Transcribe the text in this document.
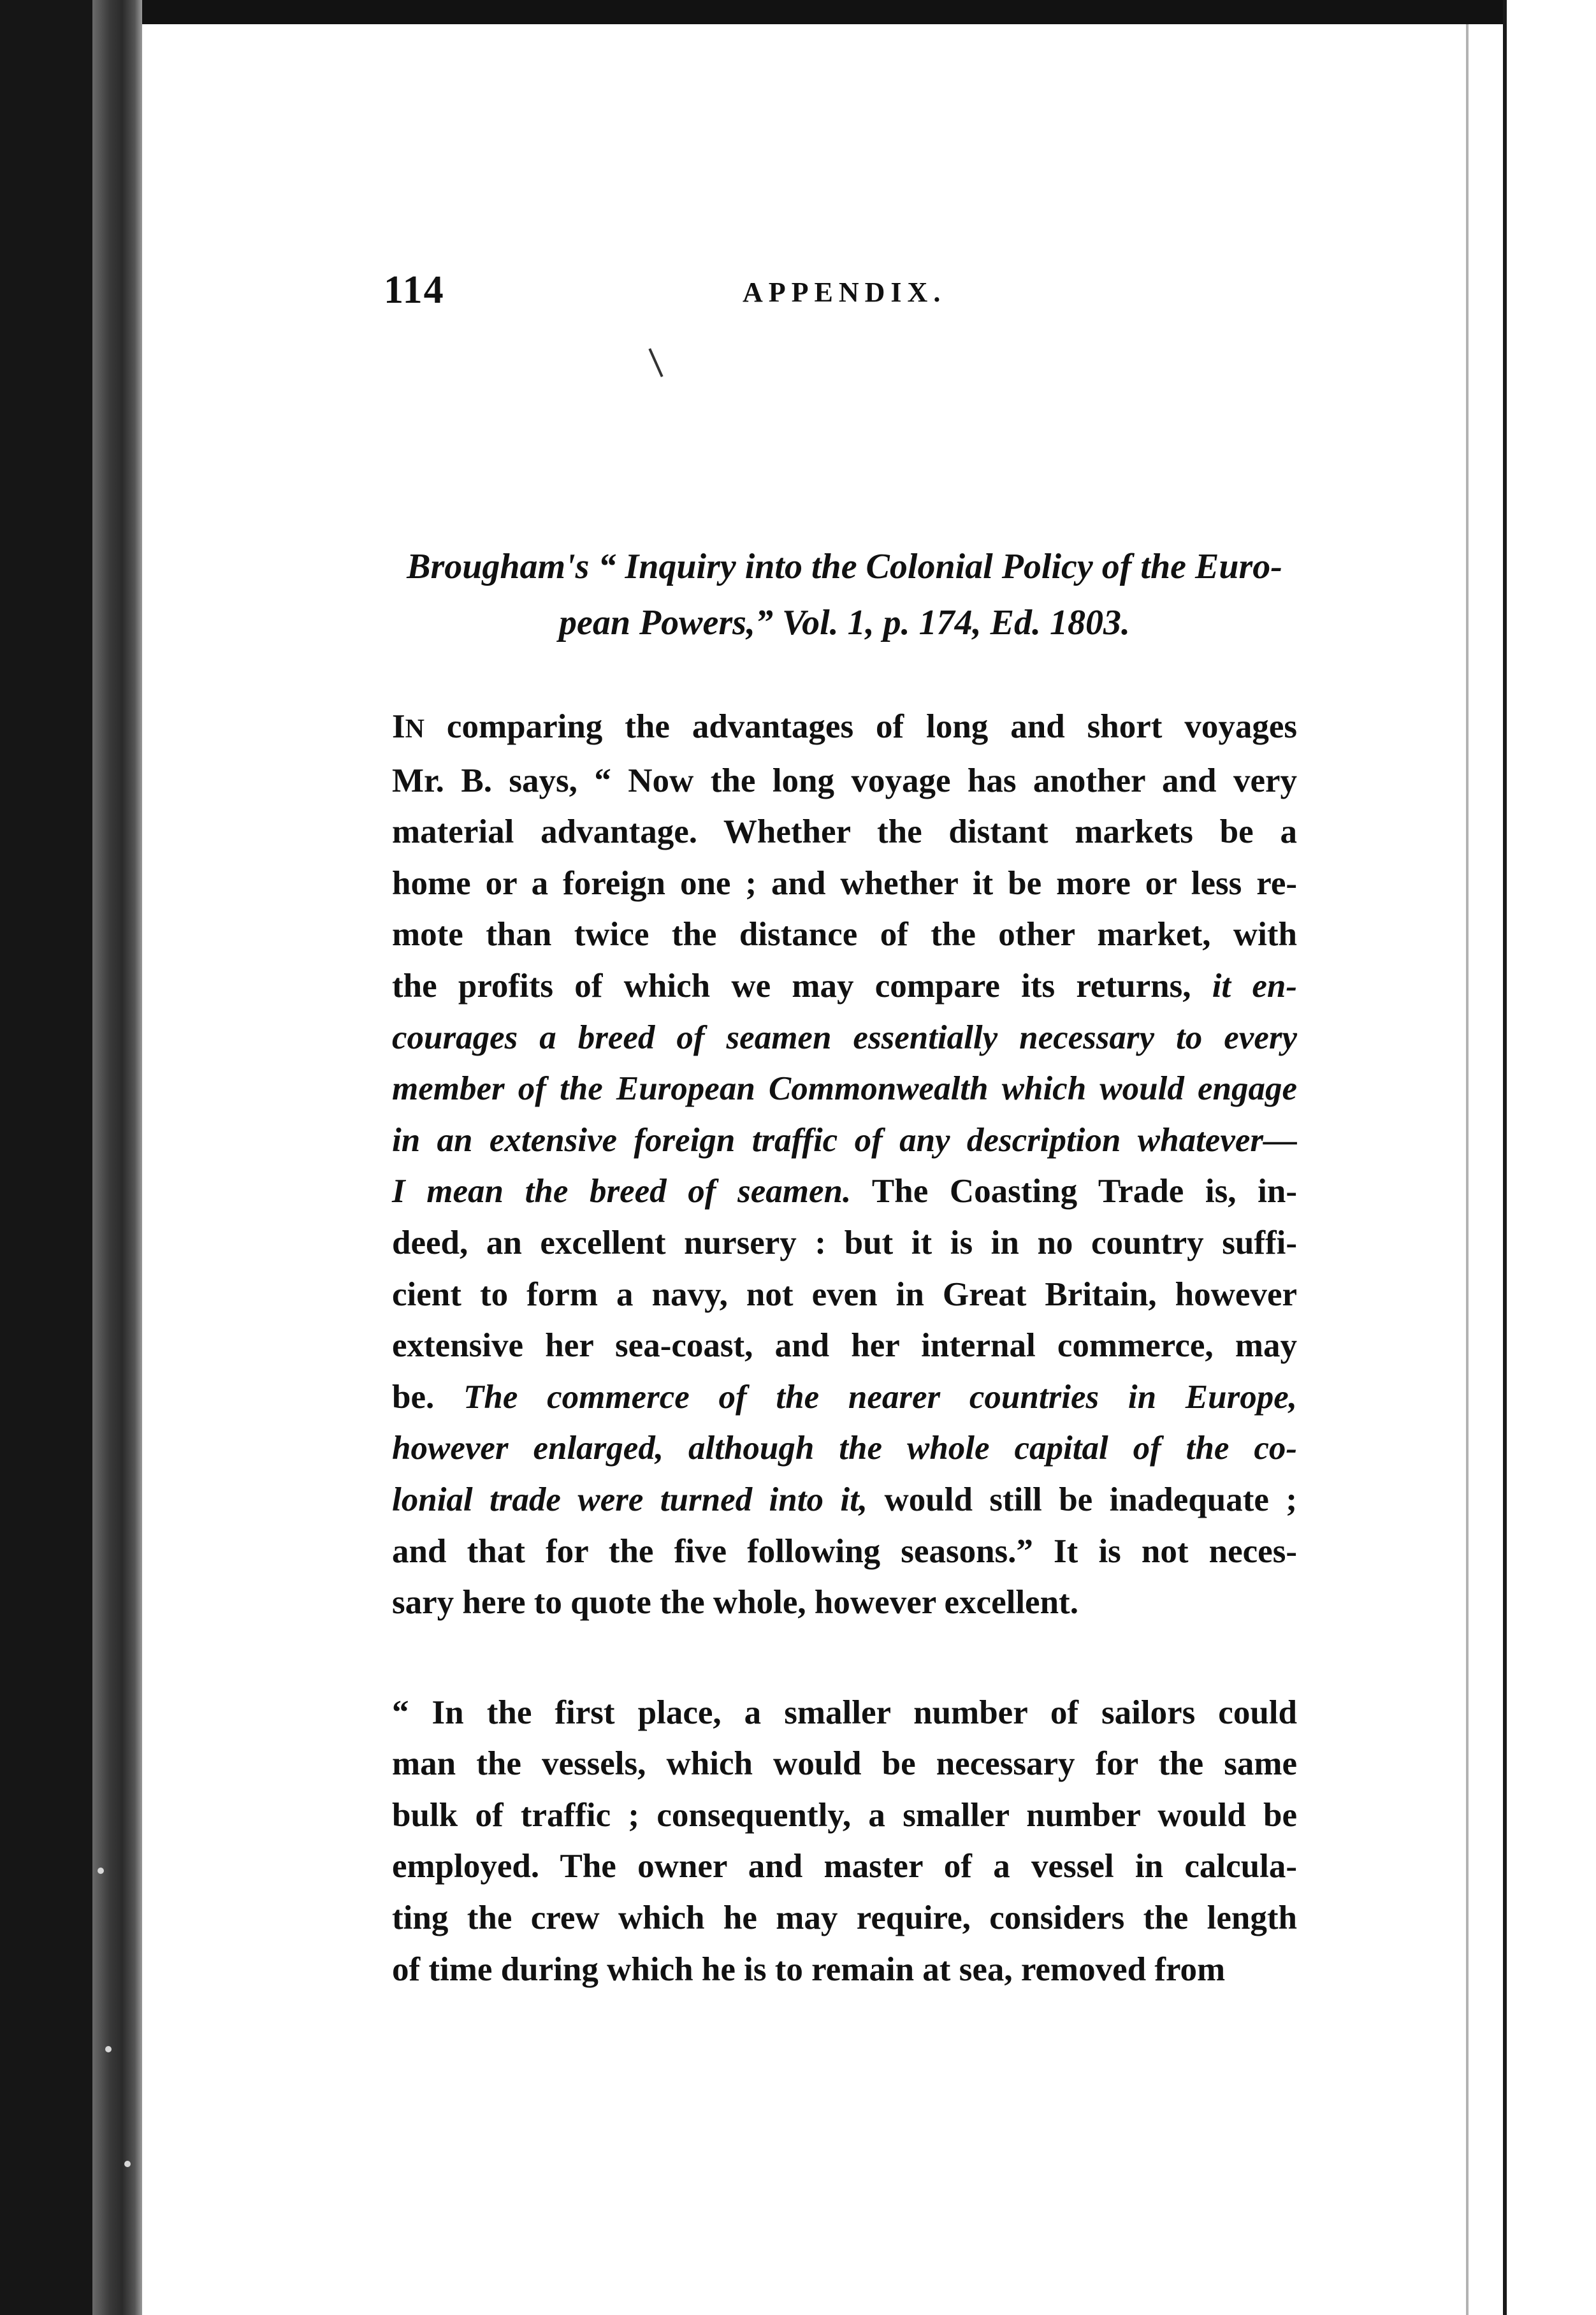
114	APPENDIX.
Brougham's “ Inquiry into the Colonial Policy of the Euro-
pean Powers,” Vol. 1, p. 174, Ed. 1803.

IN comparing the advantages of long and short voyages
Mr. B. says, “ Now the long voyage has another and very
material advantage. Whether the distant markets be a
home or a foreign one ; and whether it be more or less re-
mote than twice the distance of the other market, with
the profits of which we may compare its returns, it en-
courages a breed of seamen essentially necessary to every
member of the European Commonwealth which would engage
in an extensive foreign traffic of any description whatever—
I mean the breed of seamen. The Coasting Trade is, in-
deed, an excellent nursery : but it is in no country suffi-
cient to form a navy, not even in Great Britain, however
extensive her sea-coast, and her internal commerce, may
be. The commerce of the nearer countries in Europe,
however enlarged, although the whole capital of the co-
lonial trade were turned into it, would still be inadequate ;
and that for the five following seasons.” It is not neces-
sary here to quote the whole, however excellent.

“ In the first place, a smaller number of sailors could
man the vessels, which would be necessary for the same
bulk of traffic ; consequently, a smaller number would be
employed. The owner and master of a vessel in calcula-
ting the crew which he may require, considers the length
of time during which he is to remain at sea, removed from
